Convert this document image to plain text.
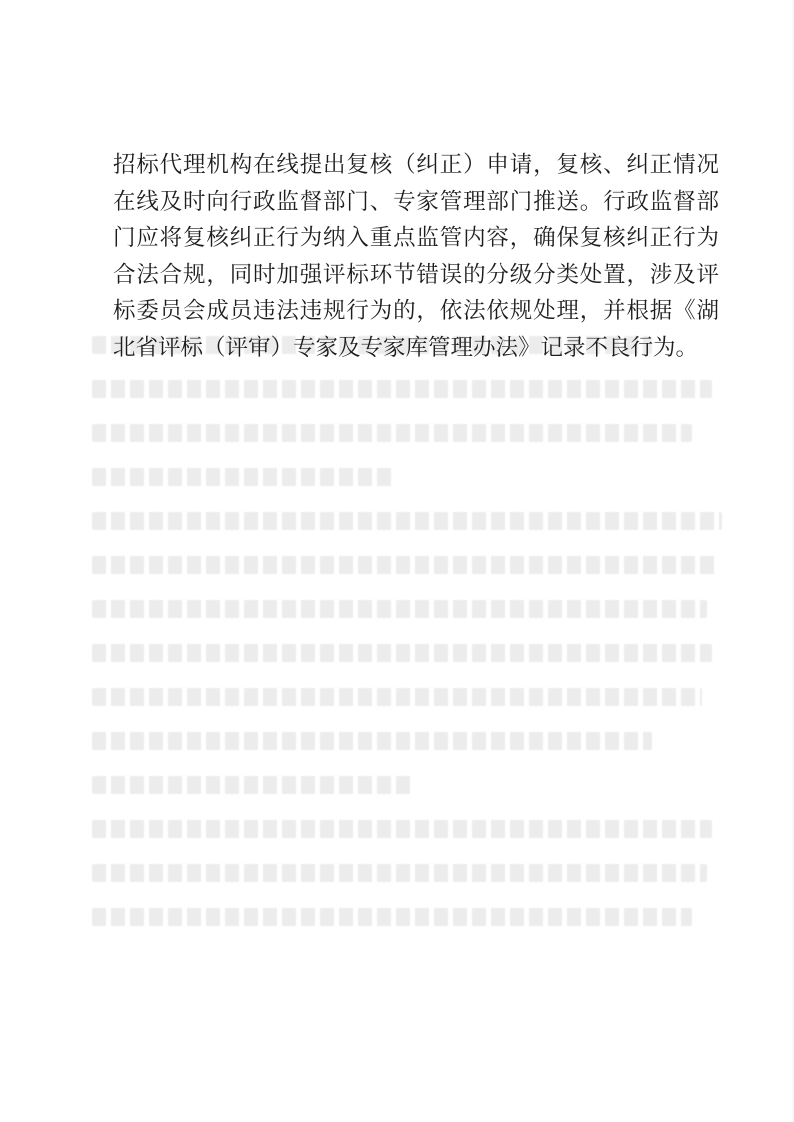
招标代理机构在线提出复核（纠正）申请，复核、纠正情况在线及时向行政监督部门、专家管理部门推送。行政监督部门应将复核纠正行为纳入重点监管内容，确保复核纠正行为合法合规，同时加强评标环节错误的分级分类处置，涉及评标委员会成员违法违规行为的，依法依规处理，并根据《湖北省评标（评审）专家及专家库管理办法》记录不良行为。
